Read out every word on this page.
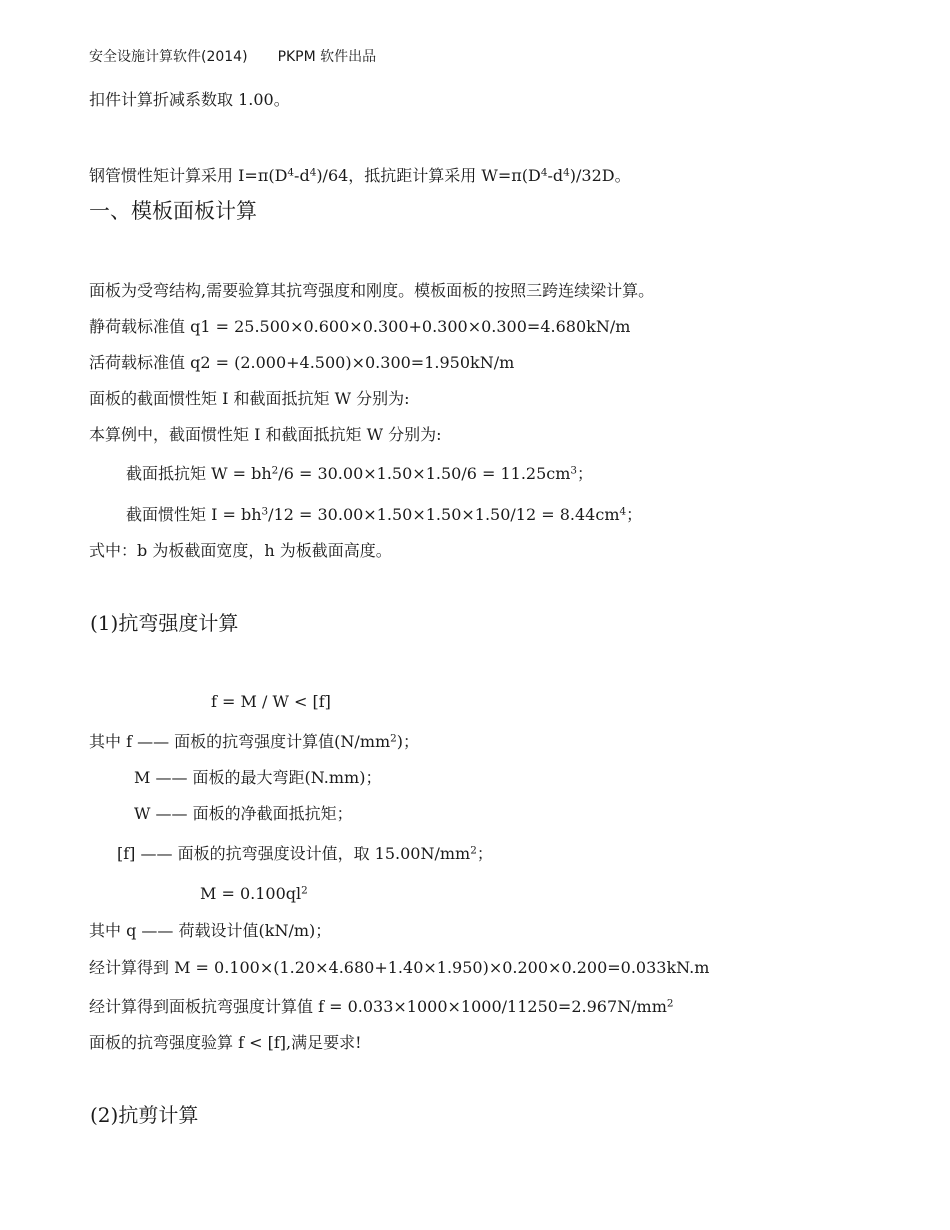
安全设施计算软件(2014) PKPM 软件出品
扣件计算折减系数取 1.00。
钢管惯性矩计算采用 $I=\pi(D^4-d^4)/64$，抵抗距计算采用 $W=\pi(D^4-d^4)/32D$。
一、模板面板计算
面板为受弯结构,需要验算其抗弯强度和刚度。模板面板的按照三跨连续梁计算。
静荷载标准值 q1 = 25.500×0.600×0.300+0.300×0.300=4.680kN/m
活荷载标准值 q2 = (2.000+4.500)×0.300=1.950kN/m
面板的截面惯性矩 I 和截面抵抗矩 W 分别为:
本算例中，截面惯性矩 I 和截面抵抗矩 W 分别为:
截面抵抗矩 $W = bh^2/6 = 30.00\times 1.50\times 1.50/6 = 11.25cm^3$；
截面惯性矩 $I = bh^3/12 = 30.00\times 1.50\times 1.50\times 1.50/12 = 8.44cm^4$；
式中：b 为板截面宽度，h 为板截面高度。
(1)抗弯强度计算
f = M / W < [f]
其中 f —— 面板的抗弯强度计算值$(N/mm^2)$；
M —— 面板的最大弯距(N.mm)；
W —— 面板的净截面抵抗矩；
[f] —— 面板的抗弯强度设计值，取 $15.00N/mm^2$；
$M = 0.100ql^2$
其中 q —— 荷载设计值(kN/m)；
经计算得到 M = 0.100×(1.20×4.680+1.40×1.950)×0.200×0.200=0.033kN.m
经计算得到面板抗弯强度计算值 $f = 0.033\times 1000\times 1000/11250=2.967N/mm^2$
面板的抗弯强度验算 f < [f],满足要求!
(2)抗剪计算
